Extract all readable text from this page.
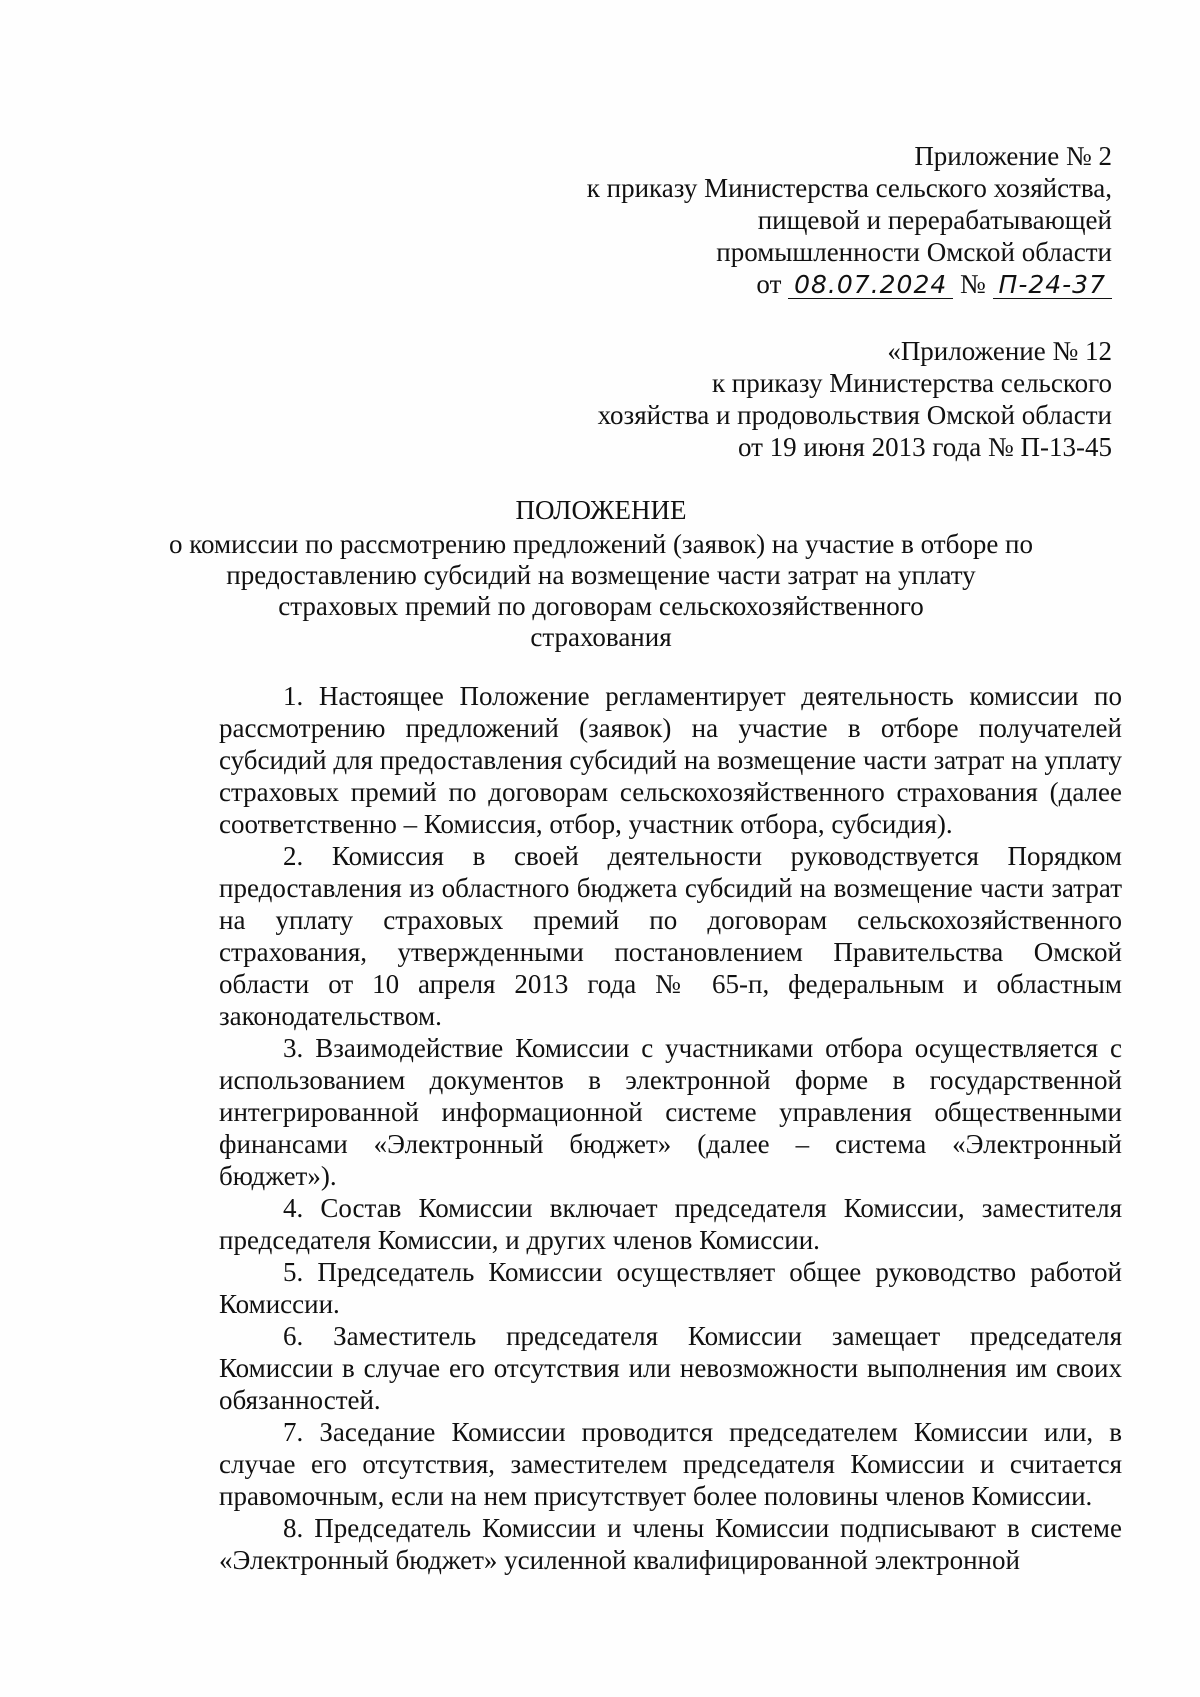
Приложение № 2
к приказу Министерства сельского хозяйства,
пищевой и перерабатывающей
промышленности Омской области
от 08.07.2024 № П-24-37
«Приложение № 12
к приказу Министерства сельского
хозяйства и продовольствия Омской области
от 19 июня 2013 года № П-13-45
ПОЛОЖЕНИЕ
о комиссии по рассмотрению предложений (заявок) на участие в отборе по
предоставлению субсидий на возмещение части затрат на уплату
страховых премий по договорам сельскохозяйственного
страхования

1. Настоящее Положение регламентирует деятельность комиссии по рассмотрению предложений (заявок) на участие в отборе получателей субсидий для предоставления субсидий на возмещение части затрат на уплату страховых премий по договорам сельскохозяйственного страхования (далее соответственно – Комиссия, отбор, участник отбора, субсидия).

2. Комиссия в своей деятельности руководствуется Порядком предоставления из областного бюджета субсидий на возмещение части затрат на уплату страховых премий по договорам сельскохозяйственного страхования, утвержденными постановлением Правительства Омской области от 10 апреля 2013 года № 65-п, федеральным и областным законодательством.

3. Взаимодействие Комиссии с участниками отбора осуществляется с использованием документов в электронной форме в государственной интегрированной информационной системе управления общественными финансами «Электронный бюджет» (далее – система «Электронный бюджет»).

4. Состав Комиссии включает председателя Комиссии, заместителя председателя Комиссии, и других членов Комиссии.

5. Председатель Комиссии осуществляет общее руководство работой Комиссии.

6. Заместитель председателя Комиссии замещает председателя Комиссии в случае его отсутствия или невозможности выполнения им своих обязанностей.

7. Заседание Комиссии проводится председателем Комиссии или, в случае его отсутствия, заместителем председателя Комиссии и считается правомочным, если на нем присутствует более половины членов Комиссии.

8. Председатель Комиссии и члены Комиссии подписывают в системе «Электронный бюджет» усиленной квалифицированной электронной
